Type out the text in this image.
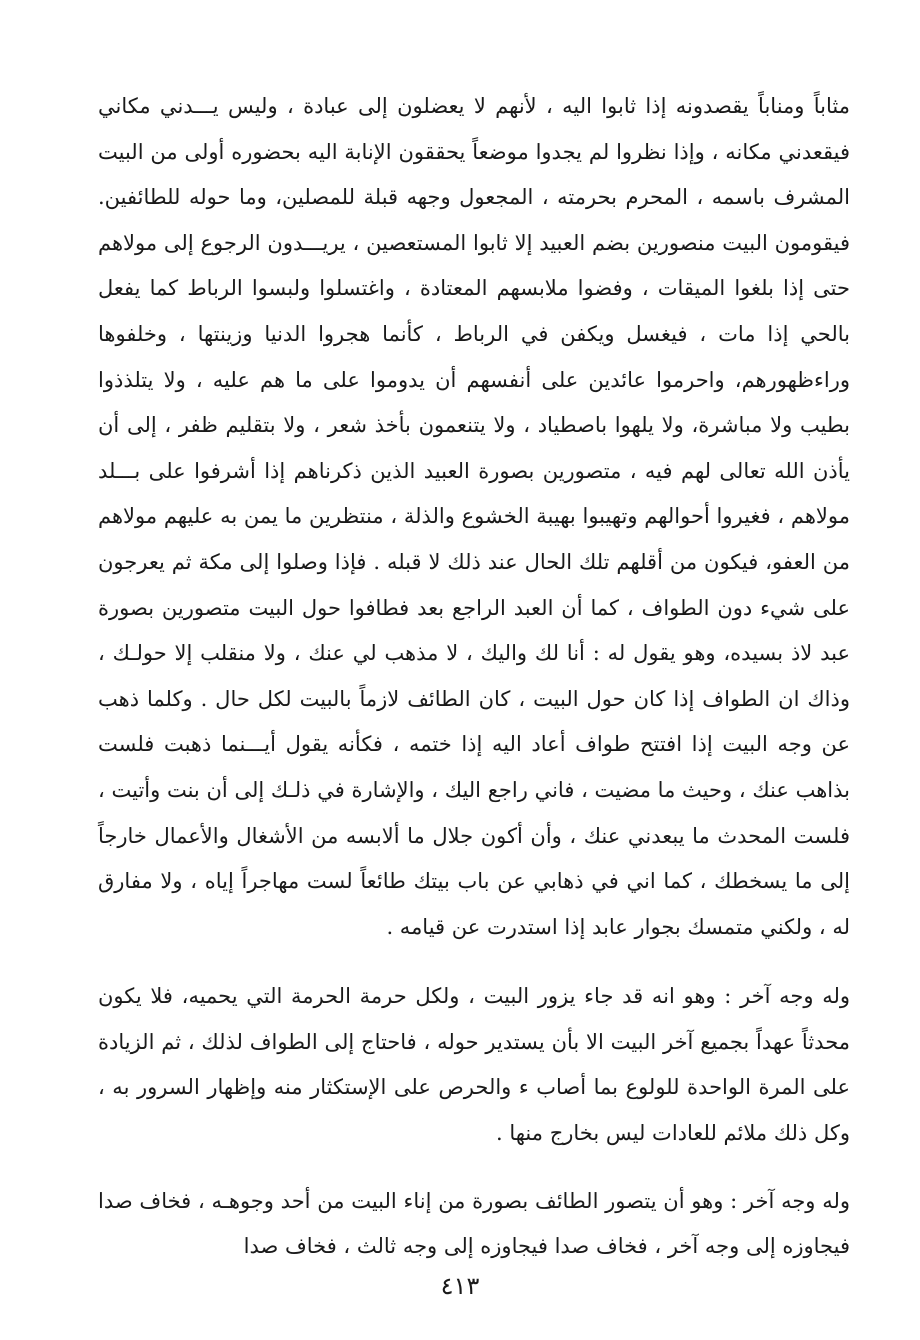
مثاباً ومناباً يقصدونه إذا ثابوا اليه ، لأنهم لا يعضلون إلى عبادة ، وليس يـــدني مكاني فيقعدني مكانه ، وإذا نظروا لم يجدوا موضعاً يحققون الإنابة اليه بحضوره أولى من البيت المشرف باسمه ، المحرم بحرمته ، المجعول وجهه قبلة للمصلين، وما حوله للطائفين. فيقومون البيت منصورين بضم العبيد إلا ثابوا المستعصين ، يريـــدون الرجوع إلى مولاهم حتى إذا بلغوا الميقات ، وفضوا ملابسهم المعتادة ، واغتسلوا ولبسوا الرباط كما يفعل بالحي إذا مات ، فيغسل ويكفن في الرباط ، كأنما هجروا الدنيا وزينتها ، وخلفوها وراءظهورهم، واحرموا عائدين على أنفسهم أن يدوموا على ما هم عليه ، ولا يتلذذوا بطيب ولا مباشرة، ولا يلهوا باصطياد ، ولا يتنعمون بأخذ شعر ، ولا بتقليم ظفر ، إلى أن يأذن الله تعالى لهم فيه ، متصورين بصورة العبيد الذين ذكرناهم إذا أشرفوا على بـــلد مولاهم ، فغيروا أحوالهم وتهيبوا بهيبة الخشوع والذلة ، منتظرين ما يمن به عليهم مولاهم من العفو، فيكون من أقلهم تلك الحال عند ذلك لا قبله . فإذا وصلوا إلى مكة ثم يعرجون على شيء دون الطواف ، كما أن العبد الراجع بعد فطافوا حول البيت متصورين بصورة عبد لاذ بسيده، وهو يقول له : أنا لك واليك ، لا مذهب لي عنك ، ولا منقلب إلا حولـك ، وذاك ان الطواف إذا كان حول البيت ، كان الطائف لازماً بالبيت لكل حال . وكلما ذهب عن وجه البيت إذا افتتح طواف أعاد اليه إذا ختمه ، فكأنه يقول أيـــنما ذهبت فلست بذاهب عنك ، وحيث ما مضيت ، فاني راجع اليك ، والإشارة في ذلـك إلى أن بنت وأتيت ، فلست المحدث ما يبعدني عنك ، وأن أكون جلال ما ألابسه من الأشغال والأعمال خارجاً إلى ما يسخطك ، كما اني في ذهابي عن باب بيتك طائعاً لست مهاجراً إياه ، ولا مفارق له ، ولكني متمسك بجوار عابد إذا استدرت عن قيامه .

وله وجه آخر : وهو انه قد جاء يزور البيت ، ولكل حرمة الحرمة التي يحميه، فلا يكون محدثاً عهداً بجميع آخر البيت الا بأن يستدير حوله ، فاحتاج إلى الطواف لذلك ، ثم الزيادة على المرة الواحدة للولوع بما أصاب ء والحرص على الإستكثار منه وإظهار السرور به ، وكل ذلك ملائم للعادات ليس بخارج منها .

وله وجه آخر : وهو أن يتصور الطائف بصورة من إناء البيت من أحد وجوهـه ، فخاف صدا فيجاوزه إلى وجه آخر ، فخاف صدا فيجاوزه إلى وجه ثالث ، فخاف صدا

٤١٣
